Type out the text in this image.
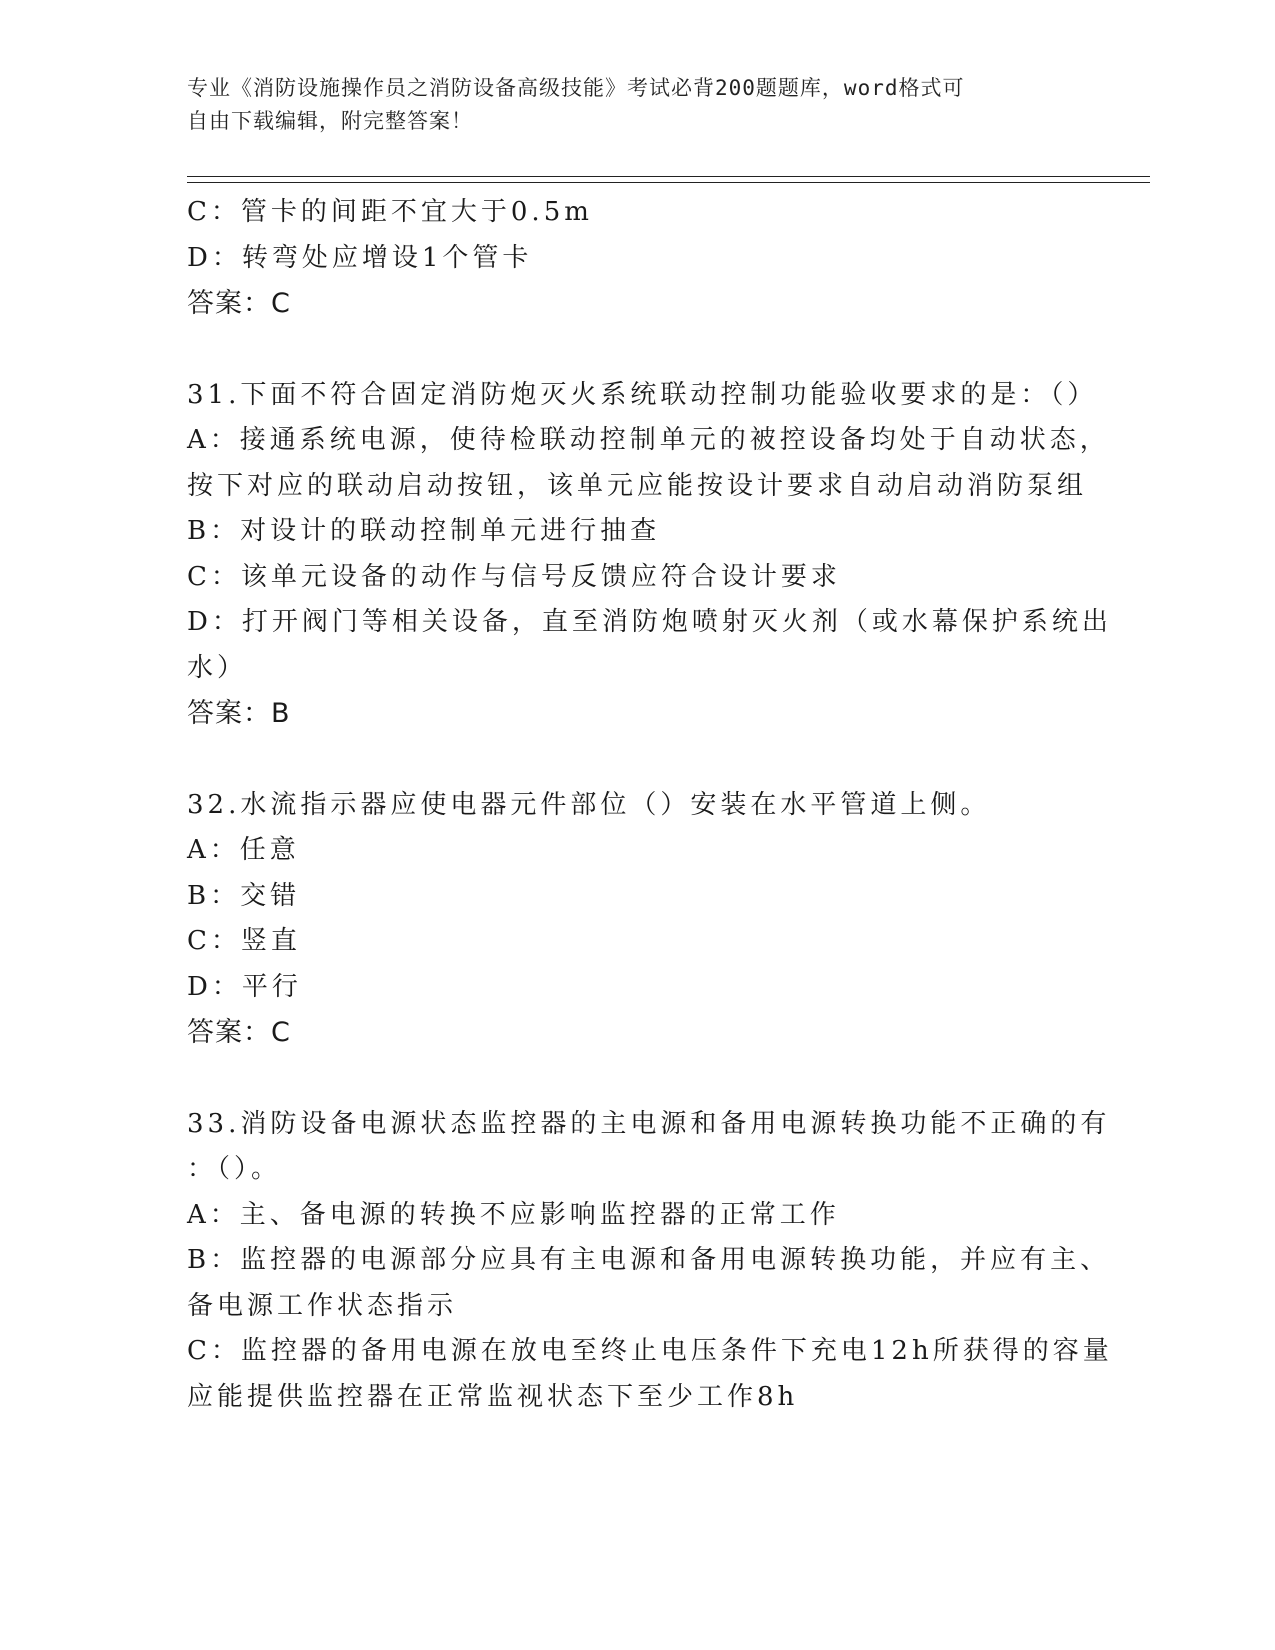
专业《消防设施操作员之消防设备高级技能》考试必背200题题库，word格式可
自由下载编辑，附完整答案！
C：管卡的间距不宜大于0.5m
D：转弯处应增设1个管卡
答案：C
31.下面不符合固定消防炮灭火系统联动控制功能验收要求的是：（）
A：接通系统电源，使待检联动控制单元的被控设备均处于自动状态，
按下对应的联动启动按钮，该单元应能按设计要求自动启动消防泵组
B：对设计的联动控制单元进行抽查
C：该单元设备的动作与信号反馈应符合设计要求
D：打开阀门等相关设备，直至消防炮喷射灭火剂（或水幕保护系统出
水）
答案：B
32.水流指示器应使电器元件部位（）安装在水平管道上侧。
A：任意
B：交错
C：竖直
D：平行
答案：C
33.消防设备电源状态监控器的主电源和备用电源转换功能不正确的有
：（）。
A：主、备电源的转换不应影响监控器的正常工作
B：监控器的电源部分应具有主电源和备用电源转换功能，并应有主、
备电源工作状态指示
C：监控器的备用电源在放电至终止电压条件下充电12h所获得的容量
应能提供监控器在正常监视状态下至少工作8h
